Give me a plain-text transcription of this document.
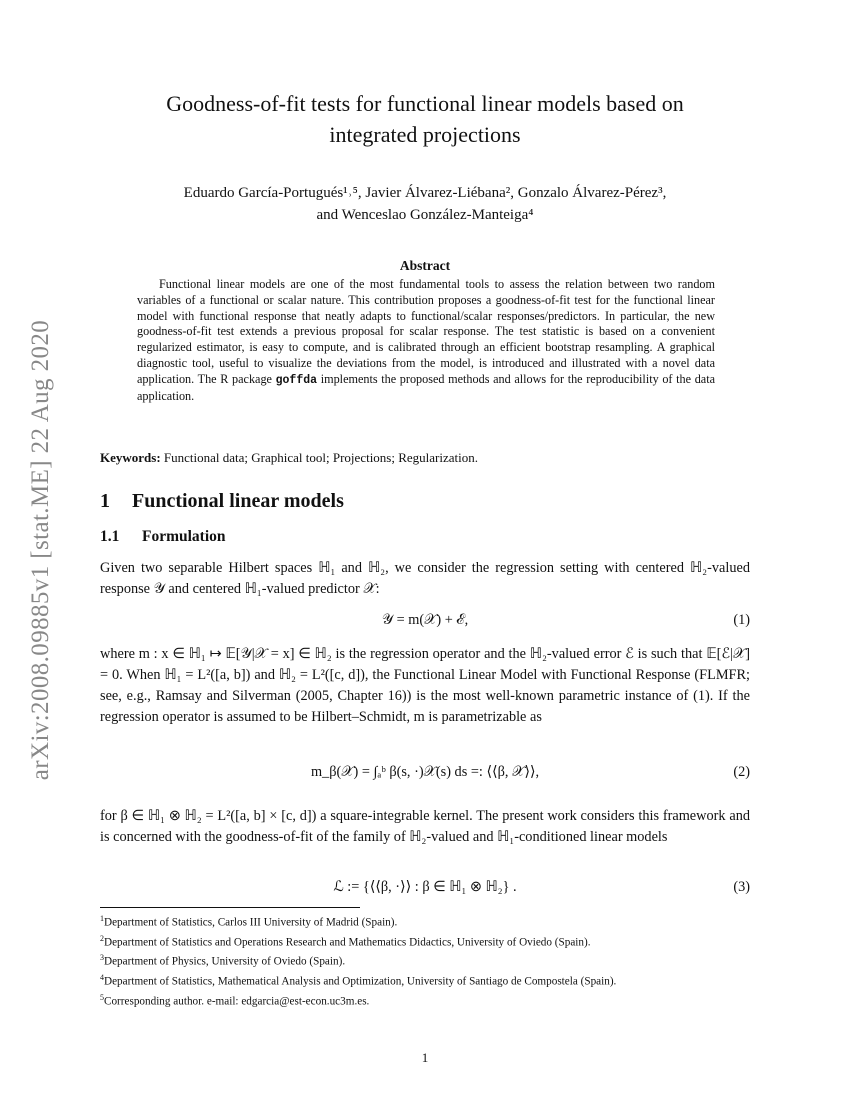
arXiv:2008.09885v1 [stat.ME] 22 Aug 2020
Goodness-of-fit tests for functional linear models based on
integrated projections
Eduardo García-Portugués¹˒⁵, Javier Álvarez-Liébana², Gonzalo Álvarez-Pérez³,
and Wenceslao González-Manteiga⁴
Abstract

Functional linear models are one of the most fundamental tools to assess the relation between two random variables of a functional or scalar nature. This contribution proposes a goodness-of-fit test for the functional linear model with functional response that neatly adapts to functional/scalar responses/predictors. In particular, the new goodness-of-fit test extends a previous proposal for scalar response. The test statistic is based on a convenient regularized estimator, is easy to compute, and is calibrated through an efficient bootstrap resampling. A graphical diagnostic tool, useful to visualize the deviations from the model, is introduced and illustrated with a novel data application. The R package goffda implements the proposed methods and allows for the reproducibility of the data application.

Keywords: Functional data; Graphical tool; Projections; Regularization.
1 Functional linear models
1.1 Formulation

Given two separable Hilbert spaces ℍ₁ and ℍ₂, we consider the regression setting with centered ℍ₂-valued response 𝒴 and centered ℍ₁-valued predictor 𝒳:

𝒴 = m(𝒳) + ℰ,	(1)

where m : x ∈ ℍ₁ ↦ 𝔼[𝒴|𝒳 = x] ∈ ℍ₂ is the regression operator and the ℍ₂-valued error ℰ is such that 𝔼[ℰ|𝒳] = 0. When ℍ₁ = L²([a, b]) and ℍ₂ = L²([c, d]), the Functional Linear Model with Functional Response (FLMFR; see, e.g., Ramsay and Silverman (2005, Chapter 16)) is the most well-known parametric instance of (1). If the regression operator is assumed to be Hilbert–Schmidt, m is parametrizable as

m_β(𝒳) = ∫ₐᵇ β(s, ·)𝒳(s) ds =: ⟨⟨β, 𝒳⟩⟩,	(2)

for β ∈ ℍ₁ ⊗ ℍ₂ = L²([a, b] × [c, d]) a square-integrable kernel. The present work considers this framework and is concerned with the goodness-of-fit of the family of ℍ₂-valued and ℍ₁-conditioned linear models

ℒ := {⟨⟨β, ·⟩⟩ : β ∈ ℍ₁ ⊗ ℍ₂} .	(3)
$^1$Department of Statistics, Carlos III University of Madrid (Spain).
$^2$Department of Statistics and Operations Research and Mathematics Didactics, University of Oviedo (Spain).
$^3$Department of Physics, University of Oviedo (Spain).
$^4$Department of Statistics, Mathematical Analysis and Optimization, University of Santiago de Compostela (Spain).
$^5$Corresponding author. e-mail: edgarcia@est-econ.uc3m.es.
1
